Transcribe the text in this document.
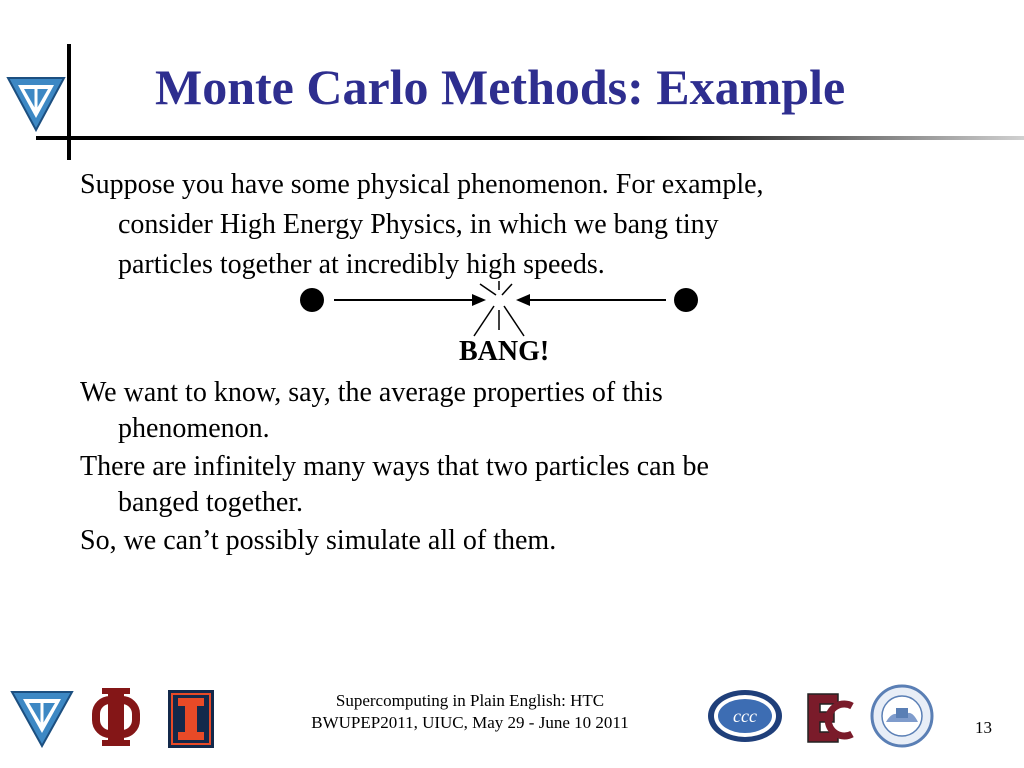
Monte Carlo Methods: Example
Suppose you have some physical phenomenon. For example,
consider High Energy Physics, in which we bang tiny
particles together at incredibly high speeds.
BANG!
We want to know, say, the average properties of this
phenomenon.
There are infinitely many ways that two particles can be
banged together.
So, we can’t possibly simulate all of them.
Supercomputing in Plain English: HTC
BWUPEP2011, UIUC, May 29 - June 10 2011	ccc
13
